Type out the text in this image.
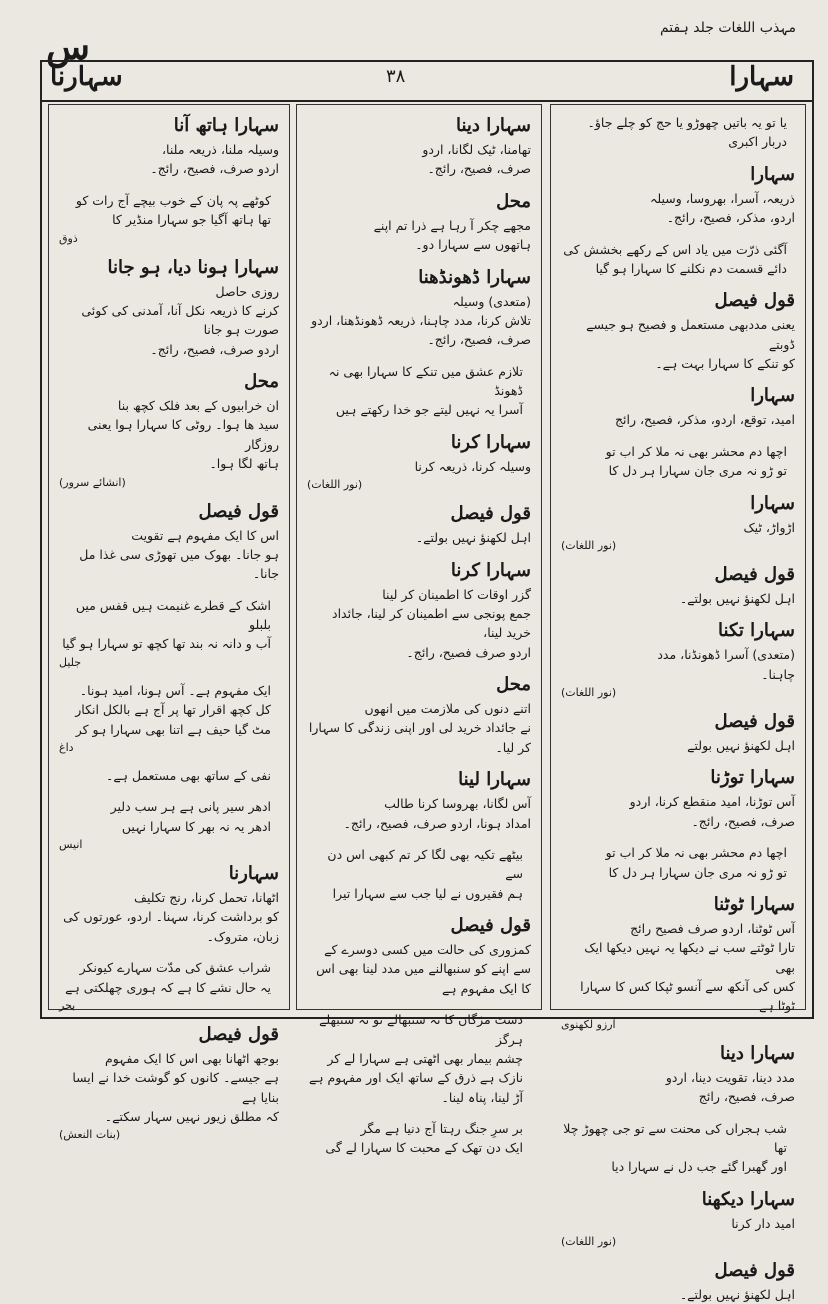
س	مہذب اللغات جلد ہفتم
سہارنا	سہارا
۳۸
یا تو یہ باتیں چھوڑو یا حج کو چلے جاؤ۔ دربار اکبری
سہارا
ذریعہ، آسرا، بھروسا، وسیلہ
اردو، مذکر، فصیح، رائج۔
آگئی ذرّت میں یاد اس کے رکھے بخشش کی
دائے قسمت دم نکلنے کا سہارا ہو گیا
قول فیصل
یعنی مددبھی مستعمل و فصیح ہو جیسے ڈوبتے
کو تنکے کا سہارا بہت ہے۔
سہارا
امید، توقع، اردو، مذکر، فصیح، رائج
اچھا دم محشر بھی نہ ملا کر اب تو
تو ڑو نہ مری جان سہارا ہر دل کا
سہارا
اڑواڑ، ٹیک
(نور اللغات)
قول فیصل
اہل لکھنؤ نہیں بولتے۔
سہارا تکنا
(متعدی) آسرا ڈھونڈنا، مدد
چاہنا۔
(نور اللغات)
قول فیصل
اہل لکھنؤ نہیں بولتے
سہارا توڑنا
آس توڑنا، امید منقطع کرنا، اردو
صرف، فصیح، رائج۔
اچھا دم محشر بھی نہ ملا کر اب تو
تو ڑو نہ مری جان سہارا ہر دل کا
سہارا ٹوٹنا
آس ٹوٹنا، اردو صرف فصیح رائج
تارا ٹوٹتے سب نے دیکھا یہ نہیں دیکھا ایک بھی
کس کی آنکھ سے آنسو ٹپکا کس کا سہارا ٹوٹا ہے
آرزو لکھنوی
سہارا دینا
مدد دینا، تقویت دینا، اردو
صرف، فصیح، رائج
شب ہجراں کی محنت سے تو جی چھوڑ چلا تھا
اور گھبرا گئے جب دل نے سہارا دیا
سہارا دیکھنا
امید دار کرنا
(نور اللغات)
قول فیصل
اہل لکھنؤ نہیں بولتے۔
سہارا دینا
تھامنا، ٹیک لگانا، اردو
صرف، فصیح، رائج۔
محل
مجھے چکر آ رہا ہے ذرا تم اپنے
ہاتھوں سے سہارا دو۔
سہارا ڈھونڈھنا
(متعدی) وسیلہ
تلاش کرنا، مدد چاہنا، ذریعہ ڈھونڈھنا، اردو
صرف، فصیح، رائج۔
تلازم عشق میں تنکے کا سہارا بھی نہ ڈھونڈ
آسرا یہ نہیں لیتے جو خدا رکھتے ہیں
سہارا کرنا
وسیلہ کرنا، ذریعہ کرنا
(نور اللغات)
قول فیصل
اہل لکھنؤ نہیں بولتے۔
سہارا کرنا
گزر اوقات کا اطمینان کر لینا
جمع پونجی سے اطمینان کر لینا، جائداد خرید لینا،
اردو صرف فصیح، رائج۔
محل
اتنے دنوں کی ملازمت میں انھوں
نے جائداد خرید لی اور اپنی زندگی کا سہارا کر لیا۔
سہارا لینا
آس لگانا، بھروسا کرنا طالب
امداد ہونا، اردو صرف، فصیح، رائج۔
بیٹھے تکیہ بھی لگا کر تم کبھی اس دن سے
ہم فقیروں نے لیا جب سے سہارا تیرا
قول فیصل
کمزوری کی حالت میں کسی دوسرے کے
سے اپنے کو سنبھالنے میں مدد لینا بھی اس کا ایک مفہوم ہے
دست مژگاں کا نہ سنبھالے تو نہ سنبھلے ہرگز
چشم بیمار بھی اٹھتی ہے سہارا لے کر
نازک ہے ذرق کے ساتھ ایک اور مفہوم ہے
آڑ لینا، پناہ لینا۔
بر سرِ جنگ رہتا آج دنیا ہے مگر
ایک دن تھک کے محبت کا سہارا لے گی
سہارا ہاتھ آنا
وسیلہ ملنا، ذریعہ ملنا،
اردو صرف، فصیح، رائج۔
کوٹھے پہ پان کے خوب بیچے آج رات کو
تھا ہاتھ آگیا جو سہارا منڈیر کا
ذوق
سہارا ہونا دیا، ہو جانا
روزی حاصل
کرنے کا ذریعہ نکل آنا، آمدنی کی کوئی صورت ہو جانا
اردو صرف، فصیح، رائج۔
محل
ان خرابیوں کے بعد فلک کچھ بنا
سید ھا ہوا۔ روٹی کا سہارا ہوا یعنی روزگار
ہاتھ لگا ہوا۔
(انشائے سرور)
قول فیصل
اس کا ایک مفہوم ہے تقویت
ہو جانا۔ بھوک میں تھوڑی سی غذا مل جانا۔
اشک کے قطرے غنیمت ہیں قفس میں بلبلو
آب و دانہ نہ بند تھا کچھ تو سہارا ہو گیا
جلیل
ایک مفہوم ہے۔ آس ہونا، امید ہونا۔
کل کچھ اقرار تھا پر آج ہے بالکل انکار
مٹ گیا حیف ہے اتنا بھی سہارا ہو کر
داغ
نفی کے ساتھ بھی مستعمل ہے۔
ادھر سیر پانی ہے ہر سب دلیر
ادھر یہ نہ بھر کا سہارا نہیں
انیس
سہارنا
اٹھانا، تحمل کرنا، رنج تکلیف
کو برداشت کرنا، سہنا۔ اردو، عورتوں کی
زبان، متروک۔
شراب عشق کی مدّت سہارے کیونکر
یہ حال نشے کا ہے کہ ہوری چھلکتی ہے
بحر
قول فیصل
بوجھ اٹھانا بھی اس کا ایک مفہوم
ہے جیسے۔ کانوں کو گوشت خدا نے ایسا بنایا ہے
کہ مطلق زیور نہیں سہار سکتے۔
(بنات النعش)
